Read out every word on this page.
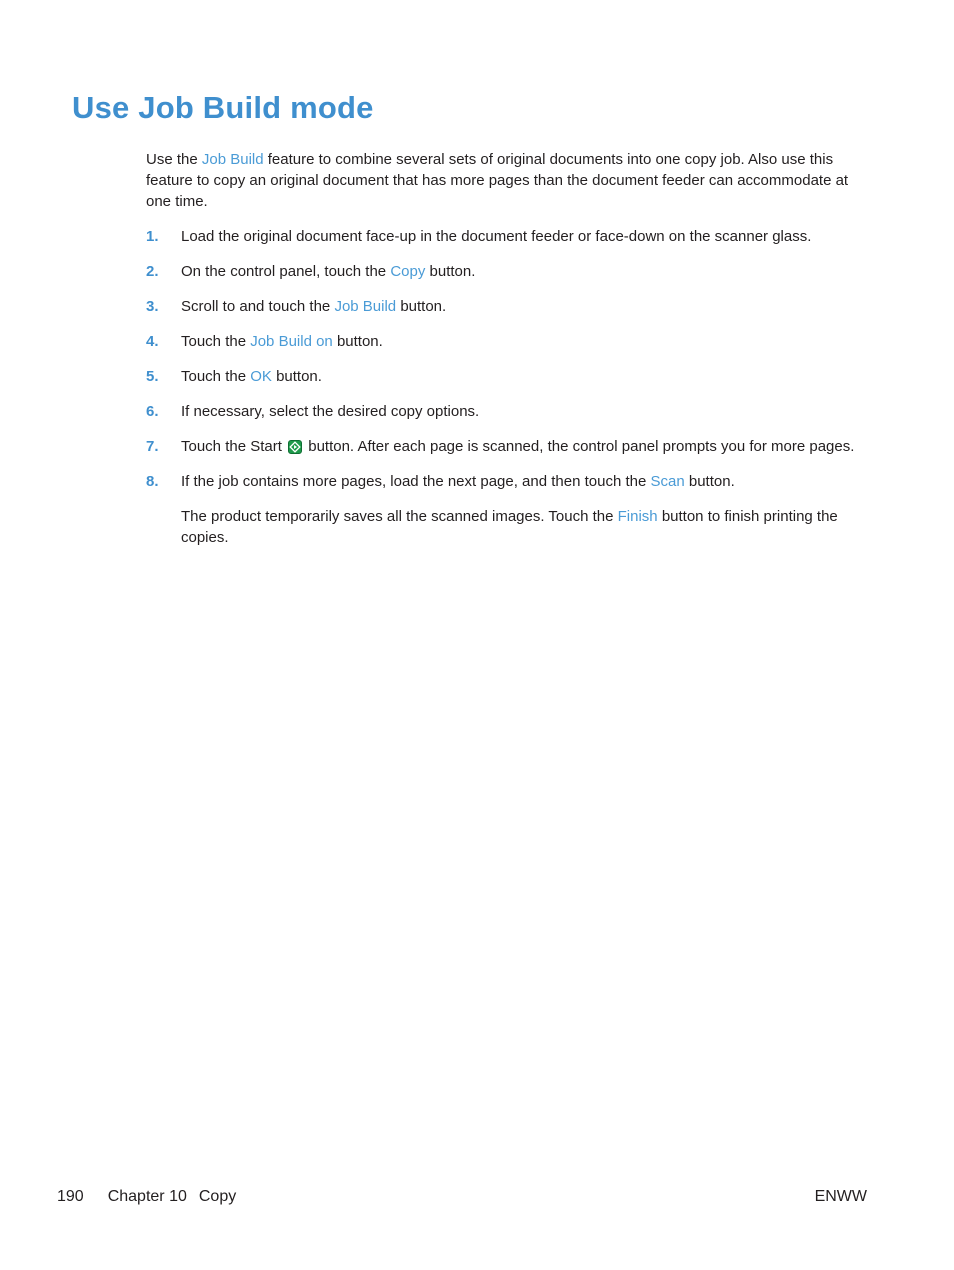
Use Job Build mode

Use the Job Build feature to combine several sets of original documents into one copy job. Also use this feature to copy an original document that has more pages than the document feeder can accommodate at one time.

1. Load the original document face-up in the document feeder or face-down on the scanner glass.
2. On the control panel, touch the Copy button.
3. Scroll to and touch the Job Build button.
4. Touch the Job Build on button.
5. Touch the OK button.
6. If necessary, select the desired copy options.
7. Touch the Start  button. After each page is scanned, the control panel prompts you for more pages.
8. If the job contains more pages, load the next page, and then touch the Scan button.
The product temporarily saves all the scanned images. Touch the Finish button to finish printing the copies.
190 Chapter 10 Copy	ENWW
